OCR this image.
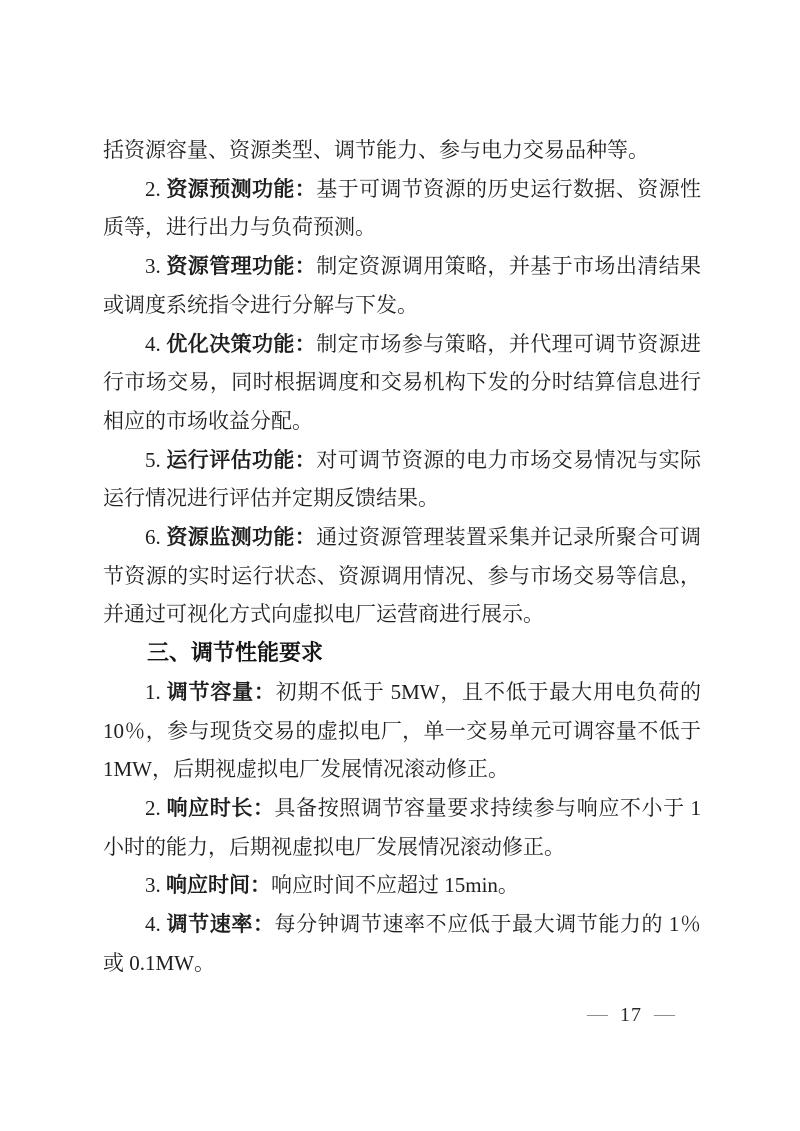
括资源容量、资源类型、调节能力、参与电力交易品种等。

2. 资源预测功能：基于可调节资源的历史运行数据、资源性质等，进行出力与负荷预测。

3. 资源管理功能：制定资源调用策略，并基于市场出清结果或调度系统指令进行分解与下发。

4. 优化决策功能：制定市场参与策略，并代理可调节资源进行市场交易，同时根据调度和交易机构下发的分时结算信息进行相应的市场收益分配。

5. 运行评估功能：对可调节资源的电力市场交易情况与实际运行情况进行评估并定期反馈结果。

6. 资源监测功能：通过资源管理装置采集并记录所聚合可调节资源的实时运行状态、资源调用情况、参与市场交易等信息，并通过可视化方式向虚拟电厂运营商进行展示。

三、调节性能要求

1. 调节容量：初期不低于 5MW，且不低于最大用电负荷的 10％，参与现货交易的虚拟电厂，单一交易单元可调容量不低于 1MW，后期视虚拟电厂发展情况滚动修正。

2. 响应时长：具备按照调节容量要求持续参与响应不小于 1 小时的能力，后期视虚拟电厂发展情况滚动修正。

3. 响应时间：响应时间不应超过 15min。

4. 调节速率：每分钟调节速率不应低于最大调节能力的 1％或 0.1MW。

— 17 —
